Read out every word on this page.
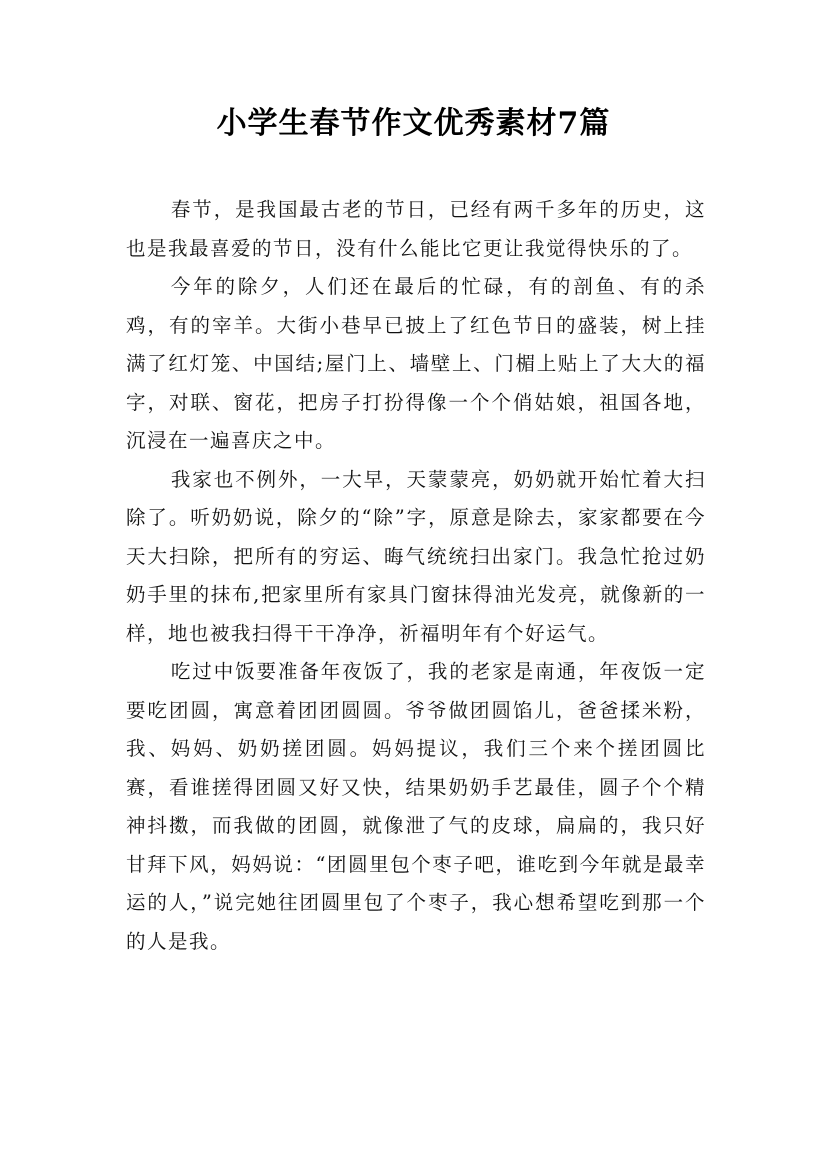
小学生春节作文优秀素材7篇

春节，是我国最古老的节日，已经有两千多年的历史，这也是我最喜爱的节日，没有什么能比它更让我觉得快乐的了。

今年的除夕，人们还在最后的忙碌，有的剖鱼、有的杀鸡，有的宰羊。大街小巷早已披上了红色节日的盛装，树上挂满了红灯笼、中国结;屋门上、墙壁上、门楣上贴上了大大的福字，对联、窗花，把房子打扮得像一个个俏姑娘，祖国各地，沉浸在一遍喜庆之中。

我家也不例外，一大早，天蒙蒙亮，奶奶就开始忙着大扫除了。听奶奶说，除夕的“除”字，原意是除去，家家都要在今天大扫除，把所有的穷运、晦气统统扫出家门。我急忙抢过奶奶手里的抹布,把家里所有家具门窗抹得油光发亮，就像新的一样，地也被我扫得干干净净，祈福明年有个好运气。

吃过中饭要准备年夜饭了，我的老家是南通，年夜饭一定要吃团圆，寓意着团团圆圆。爷爷做团圆馅儿，爸爸揉米粉，我、妈妈、奶奶搓团圆。妈妈提议，我们三个来个搓团圆比赛，看谁搓得团圆又好又快，结果奶奶手艺最佳，圆子个个精神抖擞，而我做的团圆，就像泄了气的皮球，扁扁的，我只好甘拜下风，妈妈说：“团圆里包个枣子吧，谁吃到今年就是最幸运的人，”说完她往团圆里包了个枣子，我心想希望吃到那一个的人是我。
